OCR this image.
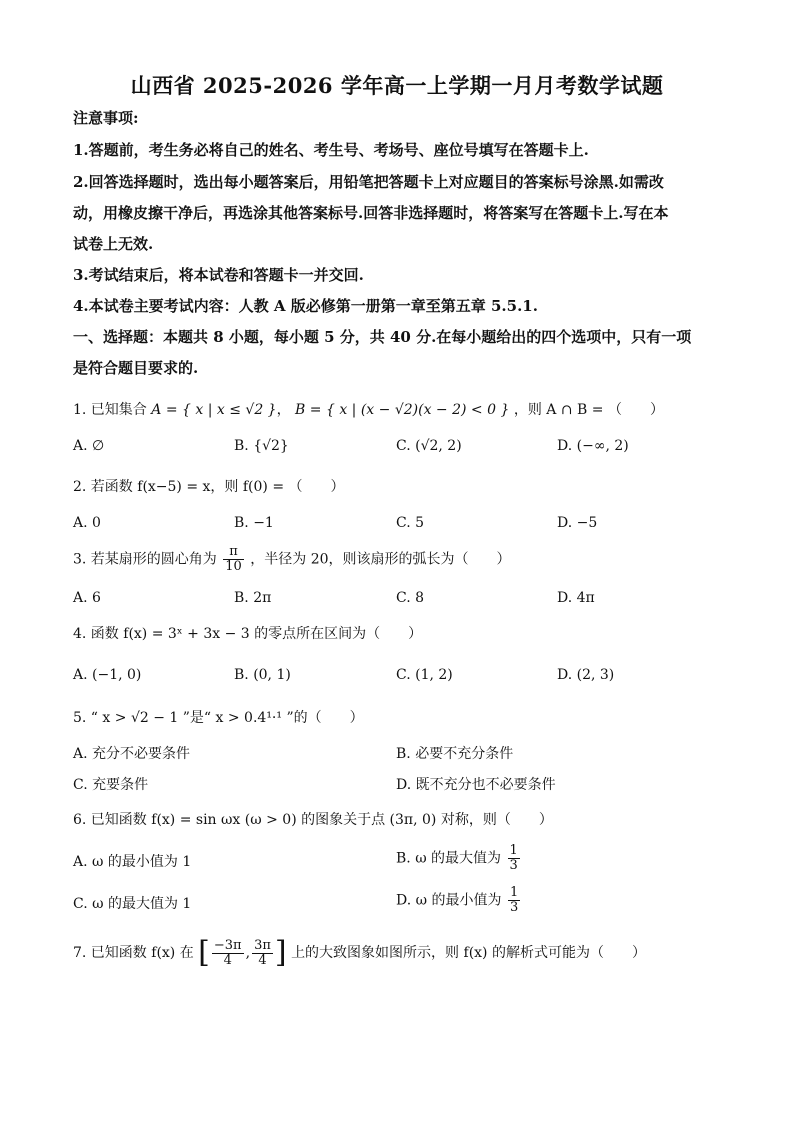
山西省 2025-2026 学年高一上学期一月月考数学试题
注意事项:
1.答题前，考生务必将自己的姓名、考生号、考场号、座位号填写在答题卡上.
2.回答选择题时，选出每小题答案后，用铅笔把答题卡上对应题目的答案标号涂黑.如需改
动，用橡皮擦干净后，再选涂其他答案标号.回答非选择题时，将答案写在答题卡上.写在本
试卷上无效.
3.考试结束后，将本试卷和答题卡一并交回.
4.本试卷主要考试内容：人教 A 版必修第一册第一章至第五章 5.5.1.
一、选择题：本题共 8 小题，每小题 5 分，共 40 分.在每小题给出的四个选项中，只有一项
是符合题目要求的.
1. 已知集合 A = { x | x ≤ √2 }， B = { x | (x − √2)(x − 2) < 0 } ，则 A ∩ B = （　　）
A. ∅	B. {√2}	C. (√2, 2)	D. (−∞, 2)
2. 若函数 f(x−5) = x，则 f(0) = （　　）
A. 0	B. −1	C. 5	D. −5
3. 若某扇形的圆心角为 $\frac{\pi}{10}$ ，半径为 20，则该扇形的弧长为（　　）
A. 6	B. 2π	C. 8	D. 4π
4. 函数 f(x) = 3ˣ + 3x − 3 的零点所在区间为（　　）
A. (−1, 0)	B. (0, 1)	C. (1, 2)	D. (2, 3)
5. “ x > √2 − 1 ”是“ x > 0.4¹·¹ ”的（　　）
A. 充分不必要条件	B. 必要不充分条件
C. 充要条件	D. 既不充分也不必要条件
6. 已知函数 f(x) = sin ωx (ω > 0) 的图象关于点 (3π, 0) 对称，则（　　）
A. ω 的最小值为 1	B. ω 的最大值为 $\frac{1}{3}$
C. ω 的最大值为 1	D. ω 的最小值为 $\frac{1}{3}$
7. 已知函数 f(x) 在 [ $\frac{-3\pi}{4}$ , $\frac{3\pi}{4}$ ] 上的大致图象如图所示，则 f(x) 的解析式可能为（　　）
